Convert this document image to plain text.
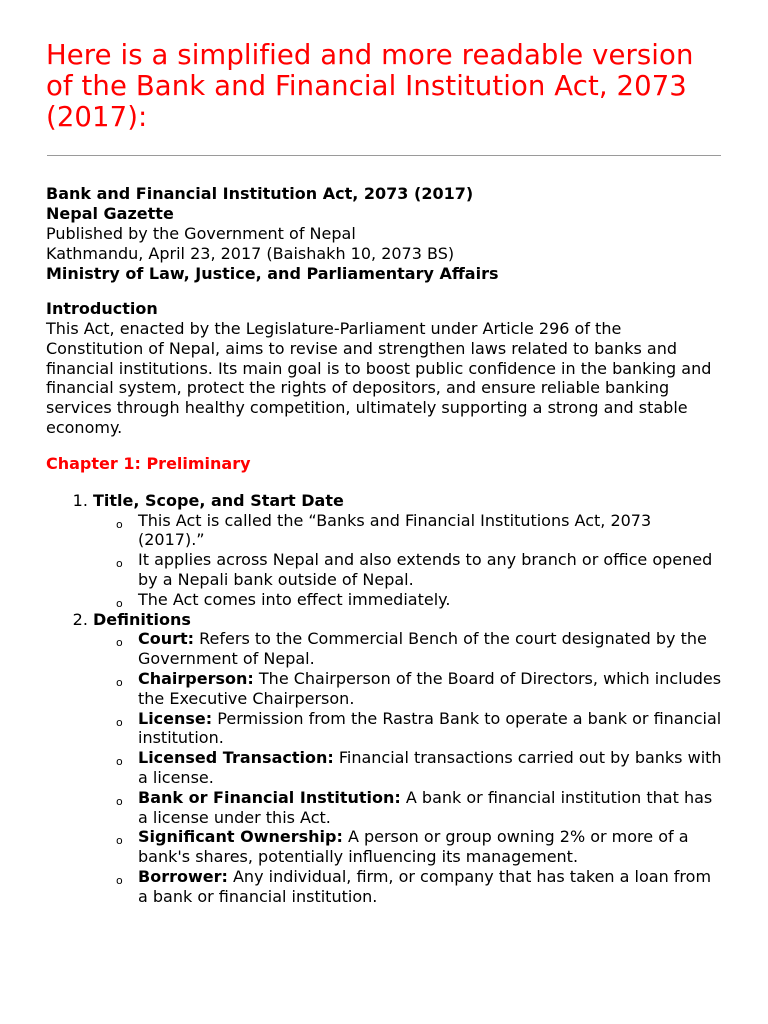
Here is a simplified and more readable version of the Bank and Financial Institution Act, 2073 (2017):
Bank and Financial Institution Act, 2073 (2017)
Nepal Gazette
Published by the Government of Nepal
Kathmandu, April 23, 2017 (Baishakh 10, 2073 BS)
Ministry of Law, Justice, and Parliamentary Affairs
Introduction

This Act, enacted by the Legislature-Parliament under Article 296 of the Constitution of Nepal, aims to revise and strengthen laws related to banks and financial institutions. Its main goal is to boost public confidence in the banking and financial system, protect the rights of depositors, and ensure reliable banking services through healthy competition, ultimately supporting a strong and stable economy.

Chapter 1: Preliminary
1. Title, Scope, and Start Date
o This Act is called the “Banks and Financial Institutions Act, 2073 (2017).”
o It applies across Nepal and also extends to any branch or office opened by a Nepali bank outside of Nepal.
o The Act comes into effect immediately.
2. Definitions
o Court: Refers to the Commercial Bench of the court designated by the Government of Nepal.
o Chairperson: The Chairperson of the Board of Directors, which includes the Executive Chairperson.
o License: Permission from the Rastra Bank to operate a bank or financial institution.
o Licensed Transaction: Financial transactions carried out by banks with a license.
o Bank or Financial Institution: A bank or financial institution that has a license under this Act.
o Significant Ownership: A person or group owning 2% or more of a bank's shares, potentially influencing its management.
o Borrower: Any individual, firm, or company that has taken a loan from a bank or financial institution.
